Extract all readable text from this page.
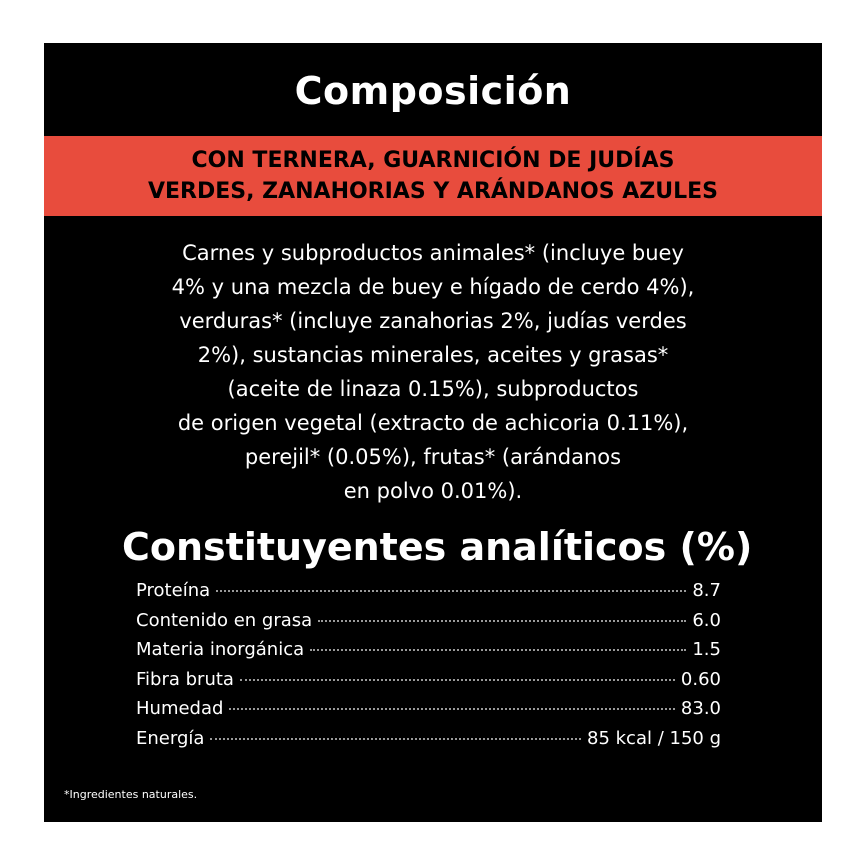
Composición
CON TERNERA, GUARNICIÓN DE JUDÍAS
VERDES, ZANAHORIAS Y ARÁNDANOS AZULES
Carnes y subproductos animales* (incluye buey
4% y una mezcla de buey e hígado de cerdo 4%),
verduras* (incluye zanahorias 2%, judías verdes
2%), sustancias minerales, aceites y grasas*
(aceite de linaza 0.15%), subproductos
de origen vegetal (extracto de achicoria 0.11%),
perejil* (0.05%), frutas* (arándanos
en polvo 0.01%).
Constituyentes analíticos (%)
Proteína	8.7
Contenido en grasa	6.0
Materia inorgánica	1.5
Fibra bruta	0.60
Humedad	83.0
Energía	85 kcal / 150 g
*Ingredientes naturales.
